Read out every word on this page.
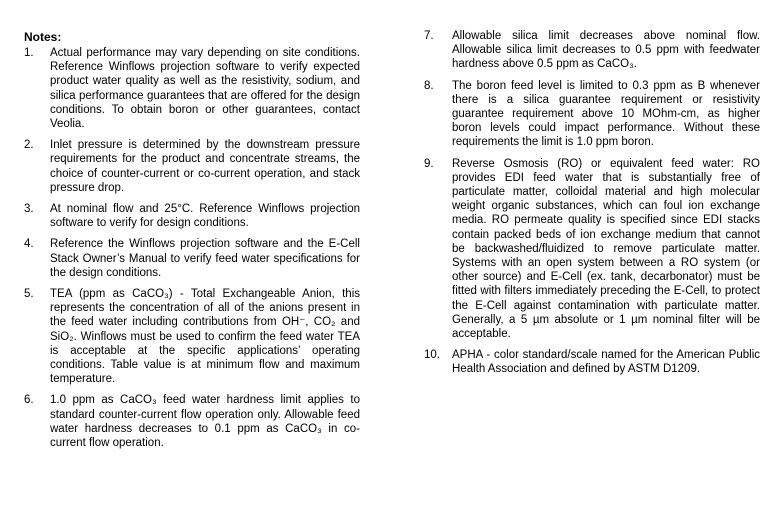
Notes:
1. Actual performance may vary depending on site conditions. Reference Winflows projection software to verify expected product water quality as well as the resistivity, sodium, and silica performance guarantees that are offered for the design conditions. To obtain boron or other guarantees, contact Veolia.
2. Inlet pressure is determined by the downstream pressure requirements for the product and concentrate streams, the choice of counter-current or co-current operation, and stack pressure drop.
3. At nominal flow and 25°C. Reference Winflows projection software to verify for design conditions.
4. Reference the Winflows projection software and the E-Cell Stack Owner’s Manual to verify feed water specifications for the design conditions.
5. TEA (ppm as CaCO₃) - Total Exchangeable Anion, this represents the concentration of all of the anions present in the feed water including contributions from OH⁻, CO₂ and SiO₂. Winflows must be used to confirm the feed water TEA is acceptable at the specific applications’ operating conditions. Table value is at minimum flow and maximum temperature.
6. 1.0 ppm as CaCO₃ feed water hardness limit applies to standard counter-current flow operation only. Allowable feed water hardness decreases to 0.1 ppm as CaCO₃ in co-current flow operation.
7. Allowable silica limit decreases above nominal flow. Allowable silica limit decreases to 0.5 ppm with feedwater hardness above 0.5 ppm as CaCO₃.
8. The boron feed level is limited to 0.3 ppm as B whenever there is a silica guarantee requirement or resistivity guarantee requirement above 10 MOhm-cm, as higher boron levels could impact performance. Without these requirements the limit is 1.0 ppm boron.
9. Reverse Osmosis (RO) or equivalent feed water: RO provides EDI feed water that is substantially free of particulate matter, colloidal material and high molecular weight organic substances, which can foul ion exchange media. RO permeate quality is specified since EDI stacks contain packed beds of ion exchange medium that cannot be backwashed/fluidized to remove particulate matter. Systems with an open system between a RO system (or other source) and E-Cell (ex. tank, decarbonator) must be fitted with filters immediately preceding the E-Cell, to protect the E-Cell against contamination with particulate matter. Generally, a 5 µm absolute or 1 µm nominal filter will be acceptable.
10. APHA - color standard/scale named for the American Public Health Association and defined by ASTM D1209.
